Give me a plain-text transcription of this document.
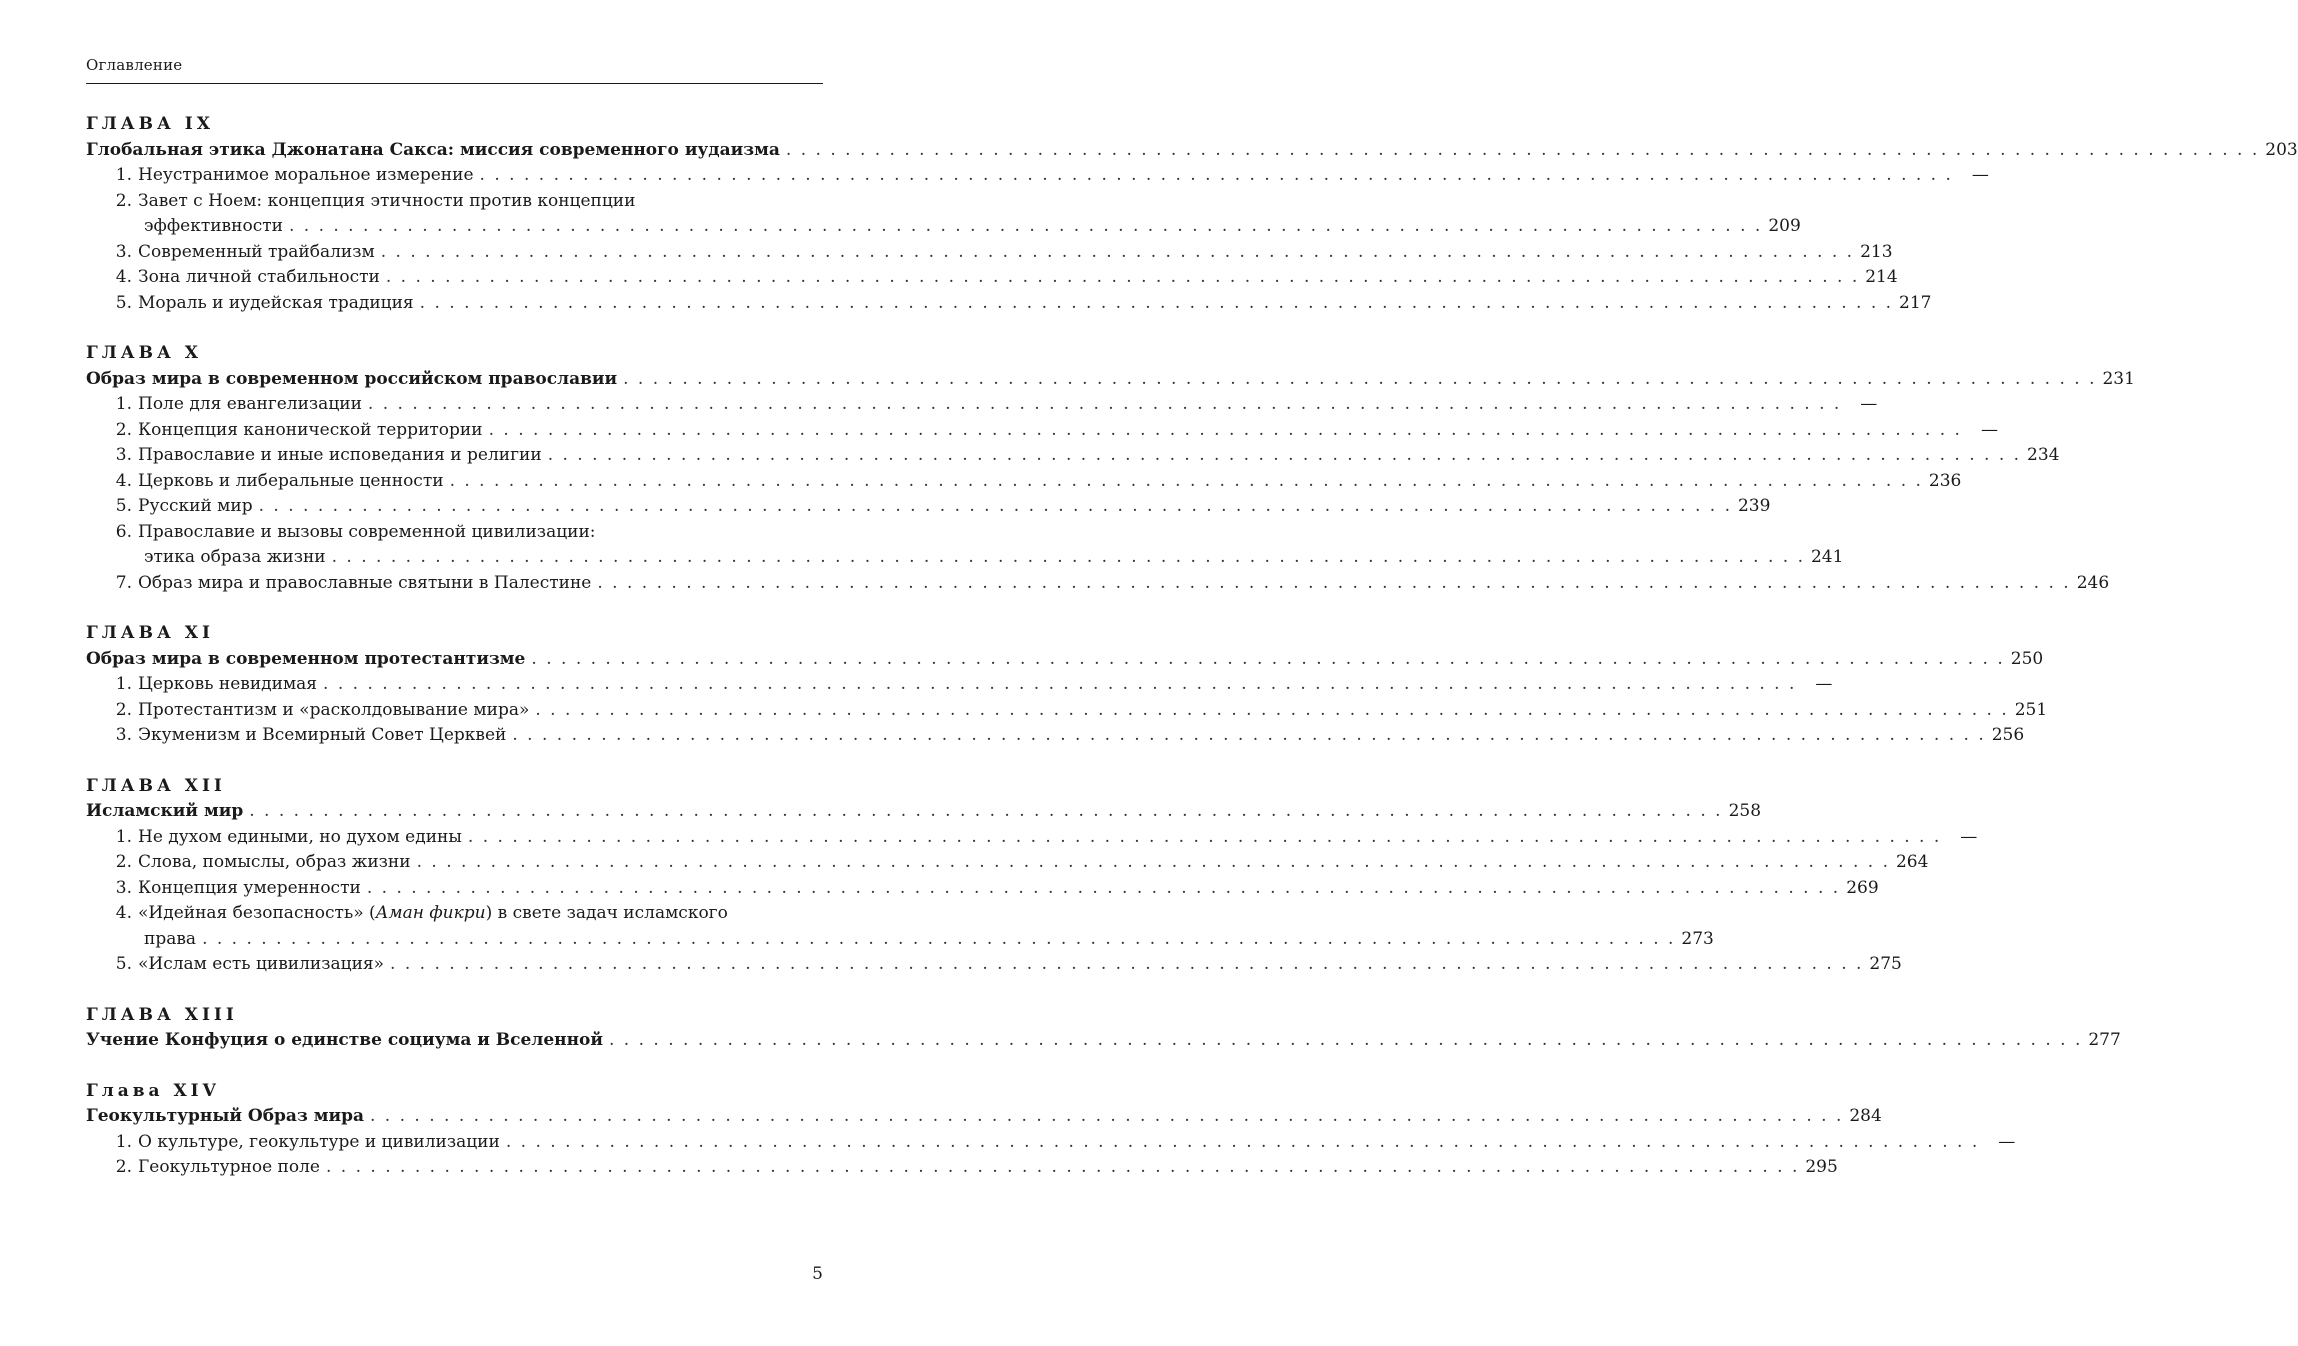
Оглавление
ГЛАВА IX
Глобальная этика Джонатана Сакса: миссия современного иудаизма . . .	203
1. Неустранимое моральное измерение . . .	—
2. Завет с Ноем: концепция этичности против концепции
эффективности . . .	209
3. Современный трайбализм . . .	213
4. Зона личной стабильности . . .	214
5. Мораль и иудейская традиция . . .	217
ГЛАВА X
Образ мира в современном российском православии . . .	231
1. Поле для евангелизации . . .	—
2. Концепция канонической территории . . .	—
3. Православие и иные исповедания и религии . . .	234
4. Церковь и либеральные ценности . . .	236
5. Русский мир . . .	239
6. Православие и вызовы современной цивилизации:
этика образа жизни . . .	241
7. Образ мира и православные святыни в Палестине . . .	246
ГЛАВА XI
Образ мира в современном протестантизме . . .	250
1. Церковь невидимая . . .	—
2. Протестантизм и «расколдовывание мира» . . .	251
3. Экуменизм и Всемирный Совет Церквей . . .	256
ГЛАВА XII
Исламский мир . . .	258
1. Не духом едиными, но духом едины . . .	—
2. Слова, помыслы, образ жизни . . .	264
3. Концепция умеренности . . .	269
4. «Идейная безопасность» (Аман фикри) в свете задач исламского
права . . .	273
5. «Ислам есть цивилизация» . . .	275
ГЛАВА XIII
Учение Конфуция о единстве социума и Вселенной . . .	277
Глава XIV
Геокультурный Образ мира . . .	284
1. О культуре, геокультуре и цивилизации . . .	—
2. Геокультурное поле . . .	295
5
